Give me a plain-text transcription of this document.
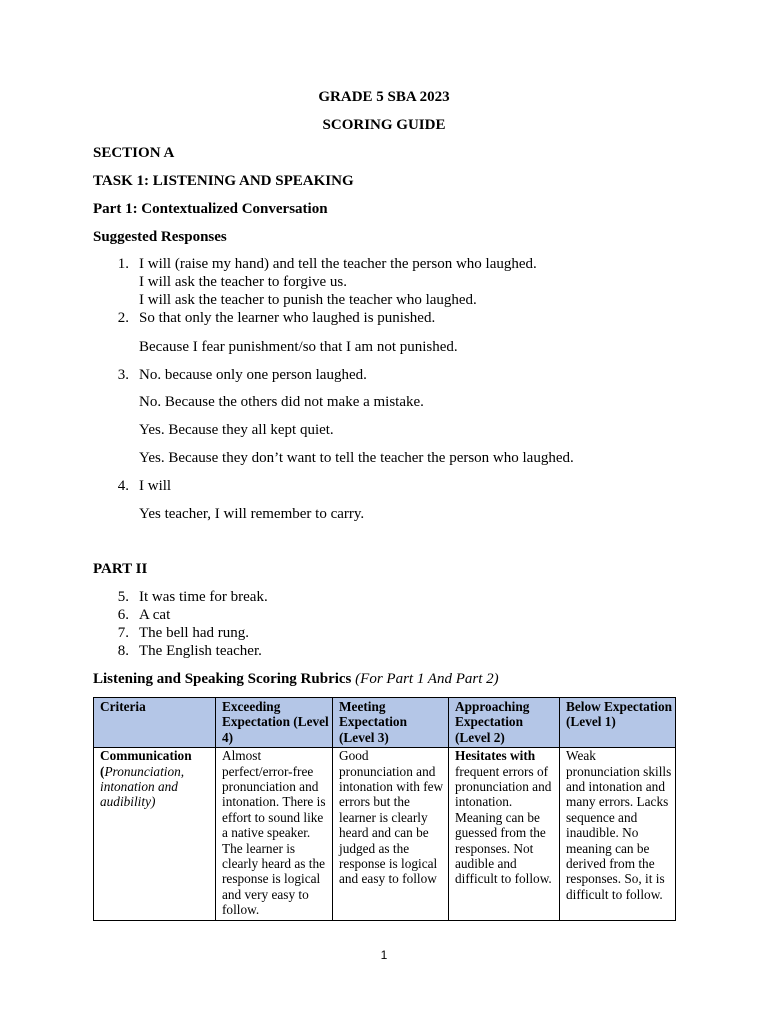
GRADE 5 SBA 2023
SCORING GUIDE
SECTION A
TASK 1: LISTENING AND SPEAKING
Part 1: Contextualized Conversation
Suggested Responses
1. I will (raise my hand) and tell the teacher the person who laughed.
I will ask the teacher to forgive us.
I will ask the teacher to punish the teacher who laughed.
2. So that only the learner who laughed is punished.
Because I fear punishment/so that I am not punished.
3. No. because only one person laughed.
No. Because the others did not make a mistake.
Yes. Because they all kept quiet.
Yes. Because they don’t want to tell the teacher the person who laughed.
4. I will
Yes teacher, I will remember to carry.
PART II
5. It was time for break.
6. A cat
7. The bell had rung.
8. The English teacher.
Listening and Speaking Scoring Rubrics (For Part 1 And Part 2)
Criteria	Exceeding Expectation (Level 4)	Meeting Expectation (Level 3)	Approaching Expectation (Level 2)	Below Expectation (Level 1)
Communication
(Pronunciation, intonation and audibility)	Almost perfect/error-free pronunciation and intonation. There is effort to sound like a native speaker. The learner is clearly heard as the response is logical and very easy to follow.	Good pronunciation and intonation with few errors but the learner is clearly heard and can be judged as the response is logical and easy to follow	Hesitates with frequent errors of pronunciation and intonation. Meaning can be guessed from the responses. Not audible and difficult to follow.	Weak pronunciation skills and intonation and many errors. Lacks sequence and inaudible. No meaning can be derived from the responses. So, it is difficult to follow.
1
